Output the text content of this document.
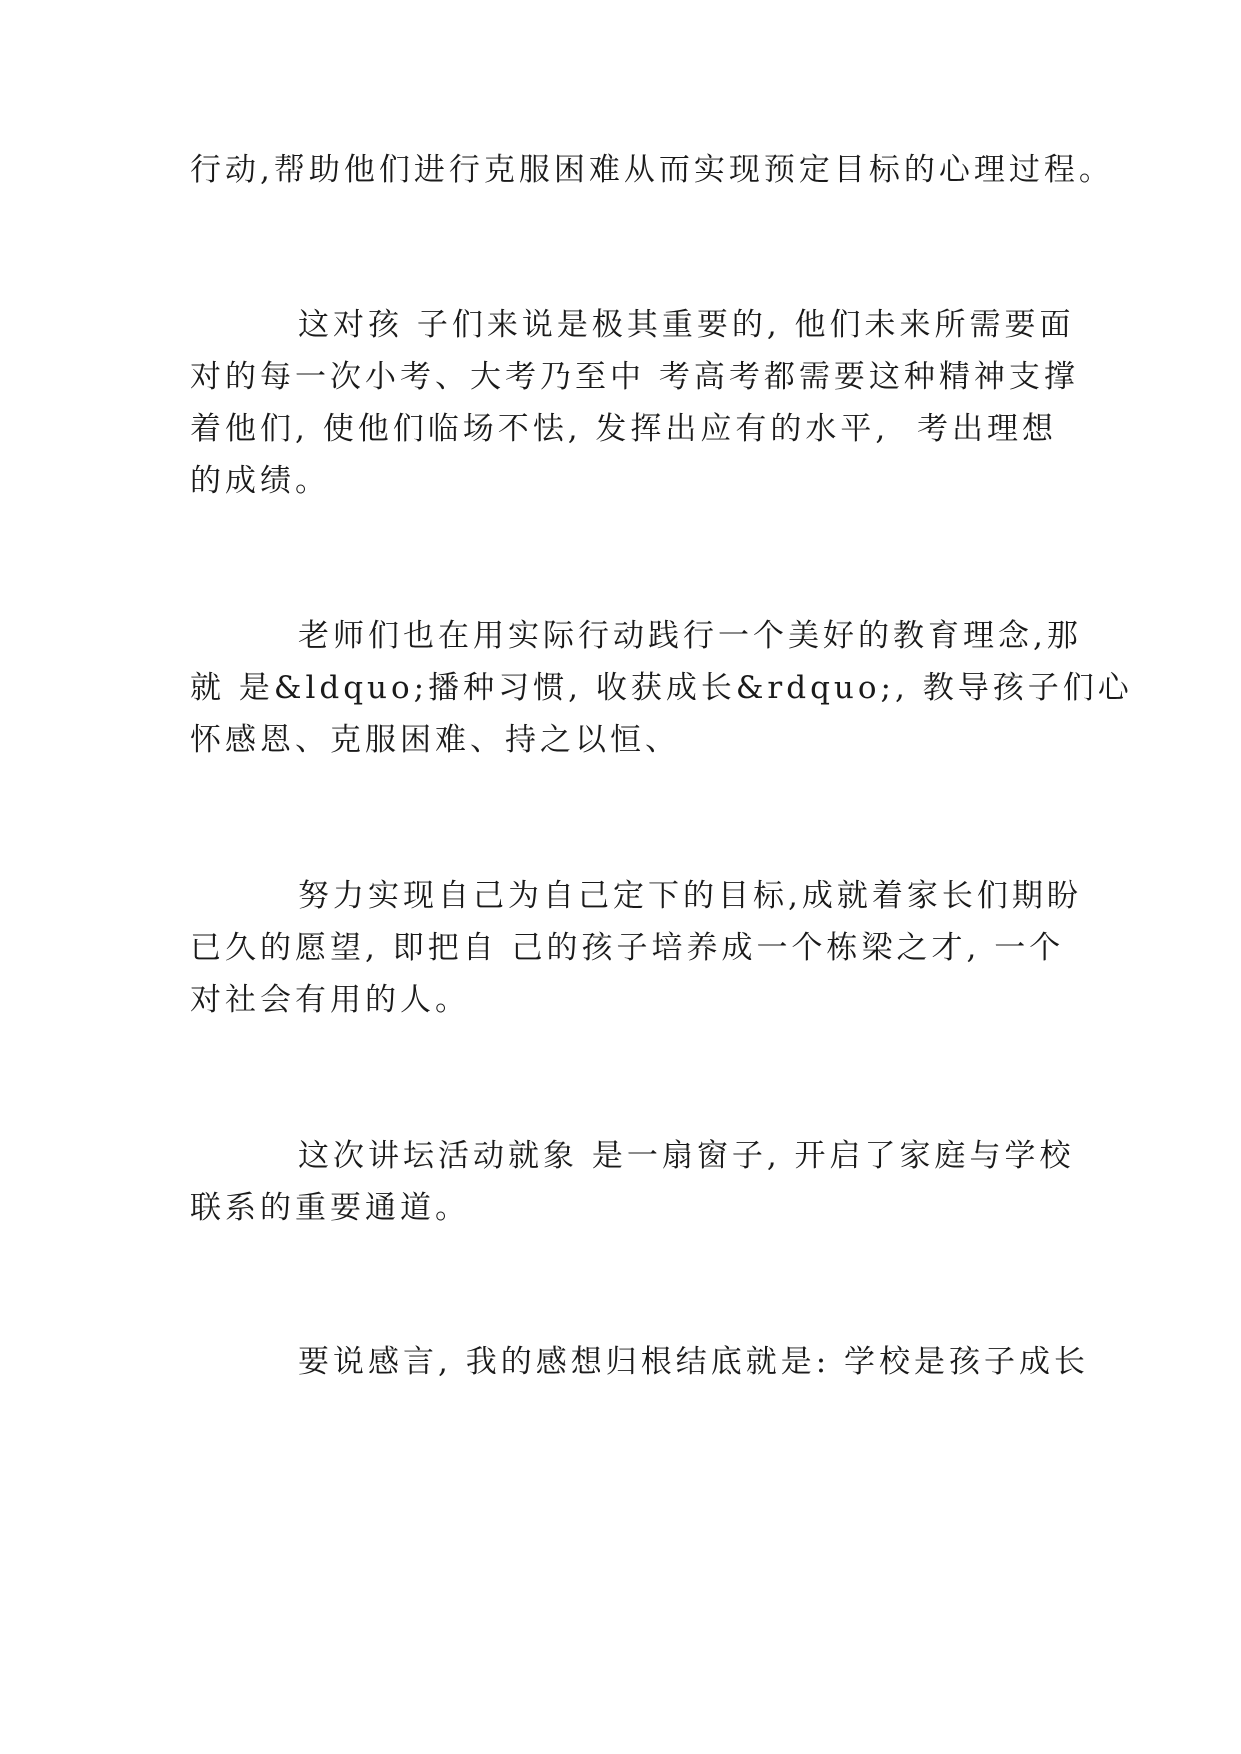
行动,帮助他们进行克服困难从而实现预定目标的心理过程。
这对孩 子们来说是极其重要的, 他们未来所需要面
对的每一次小考、大考乃至中 考高考都需要这种精神支撑
着他们, 使他们临场不怯, 发挥出应有的水平,  考出理想
的成绩。
老师们也在用实际行动践行一个美好的教育理念,那
就 是&ldquo;播种习惯, 收获成长&rdquo;, 教导孩子们心
怀感恩、克服困难、持之以恒、
努力实现自己为自己定下的目标,成就着家长们期盼
已久的愿望, 即把自 己的孩子培养成一个栋梁之才, 一个
对社会有用的人。
这次讲坛活动就象 是一扇窗子, 开启了家庭与学校
联系的重要通道。
要说感言, 我的感想归根结底就是: 学校是孩子成长
